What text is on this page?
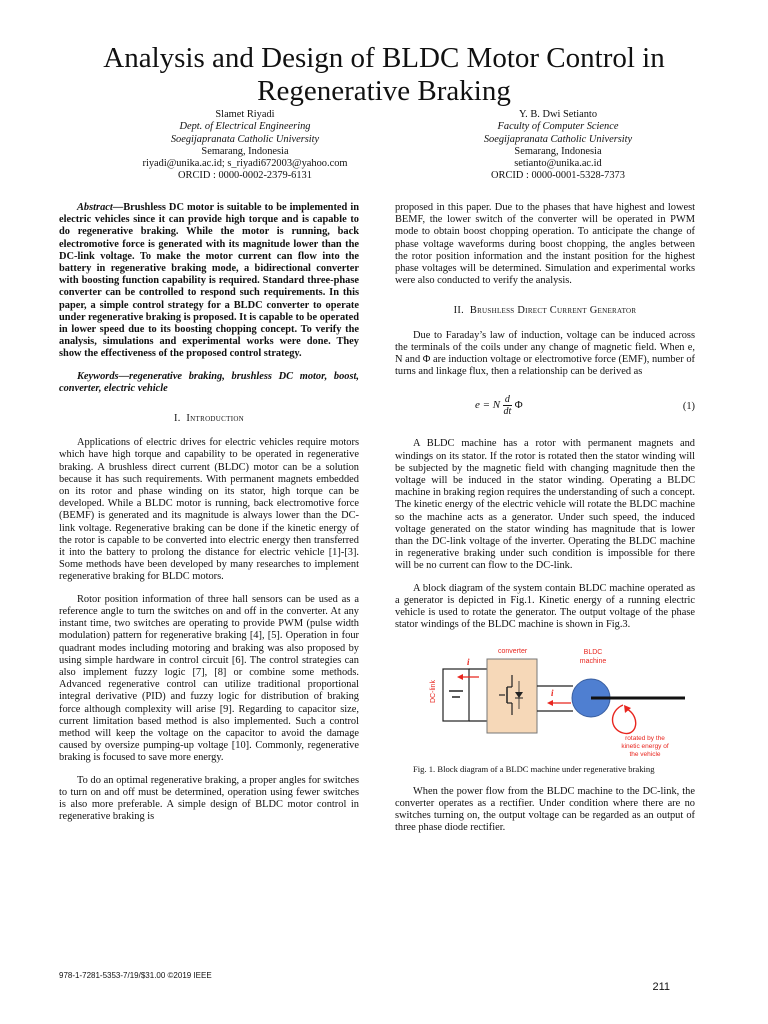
Analysis and Design of BLDC Motor Control in Regenerative Braking
Slamet Riyadi
Dept. of Electrical Engineering
Soegijapranata Catholic University
Semarang, Indonesia
riyadi@unika.ac.id; s_riyadi672003@yahoo.com
ORCID : 0000-0002-2379-6131
Y. B. Dwi Setianto
Faculty of Computer Science
Soegijapranata Catholic University
Semarang, Indonesia
setianto@unika.ac.id
ORCID : 0000-0001-5328-7373

Abstract—Brushless DC motor is suitable to be implemented in electric vehicles since it can provide high torque and is capable to do regenerative braking. While the motor is running, back electromotive force is generated with its magnitude lower than the DC-link voltage. To make the motor current can flow into the battery in regenerative braking mode, a bidirectional converter with boosting function capability is required. Standard three-phase converter can be controlled to respond such requirements. In this paper, a simple control strategy for a BLDC converter to operate under regenerative braking is proposed. It is capable to be operated in lower speed due to its boosting chopping concept. To verify the analysis, simulations and experimental works were done. They show the effectiveness of the proposed control strategy.

Keywords—regenerative braking, brushless DC motor, boost, converter, electric vehicle

I. Introduction

Applications of electric drives for electric vehicles require motors which have high torque and capability to be operated in regenerative braking. A brushless direct current (BLDC) motor can be a solution because it has such requirements. With permanent magnets embedded on its rotor and phase winding on its stator, high torque can be developed. While a BLDC motor is running, back electromotive force (BEMF) is generated and its magnitude is always lower than the DC-link voltage. Regenerative braking can be done if the kinetic energy of the rotor is capable to be converted into electric energy then transferred it into the battery to prolong the distance for electric vehicle [1]-[3]. Some methods have been developed by many researches to implement regenerative braking for BLDC motors.

Rotor position information of three hall sensors can be used as a reference angle to turn the switches on and off in the converter. At any instant time, two switches are operating to provide PWM (pulse width modulation) pattern for regenerative braking [4], [5]. Operation in four quadrant modes including motoring and braking was also proposed by using simple hardware in control circuit [6]. The control strategies can also implement fuzzy logic [7], [8] or combine some methods. Advanced regenerative control can utilize traditional proportional integral derivative (PID) and fuzzy logic for distribution of braking force although complexity will arise [9]. Regarding to capacitor size, current limitation based method is also implemented. Such a control method will keep the voltage on the capacitor to avoid the damage caused by oversize pumping-up voltage [10]. Commonly, regenerative braking is focused to save more energy.

To do an optimal regenerative braking, a proper angles for switches to turn on and off must be determined, operation using fewer switches is also more preferable. A simple design of BLDC motor control in regenerative braking is

proposed in this paper. Due to the phases that have highest and lowest BEMF, the lower switch of the converter will be operated in PWM mode to obtain boost chopping operation. To anticipate the change of phase voltage waveforms during boost chopping, the angles between the rotor position information and the instant position for the highest phase voltages will be determined. Simulation and experimental works were also conducted to verify the analysis.

II. Brushless Direct Current Generator

Due to Faraday’s law of induction, voltage can be induced across the terminals of the coils under any change of magnetic field. When e, N and Φ are induction voltage or electromotive force (EMF), number of turns and linkage flux, then a relationship can be derived as

e = N $\frac{d}{dt}$ Φ	(1)

A BLDC machine has a rotor with permanent magnets and windings on its stator. If the rotor is rotated then the stator winding will be subjected by the magnetic field with changing magnitude then the voltage will be induced in the stator winding. Operating a BLDC machine in braking region requires the understanding of such a concept. The kinetic energy of the electric vehicle will rotate the BLDC machine so the machine acts as a generator. Under such speed, the induced voltage generated on the stator winding has magnitude that is lower than the DC-link voltage of the inverter. Operating the BLDC machine in regenerative braking under such condition is impossible for there will be no current can flow to the DC-link.

A block diagram of the system contain BLDC machine operated as a generator is depicted in Fig.1. Kinetic energy of a running electric vehicle is used to rotate the generator. The output voltage of the phase stator windings of the BLDC machine is shown in Fig.3.

DC-link
converter
i
i
BLDC
machine
rotated by the
kinetic energy of
the vehicle

Fig. 1. Block diagram of a BLDC machine under regenerative braking

When the power flow from the BLDC machine to the DC-link, the converter operates as a rectifier. Under condition where there are no switches turning on, the output voltage can be regarded as an output of three phase diode rectifier.

978-1-7281-5353-7/19/$31.00 ©2019 IEEE
211
